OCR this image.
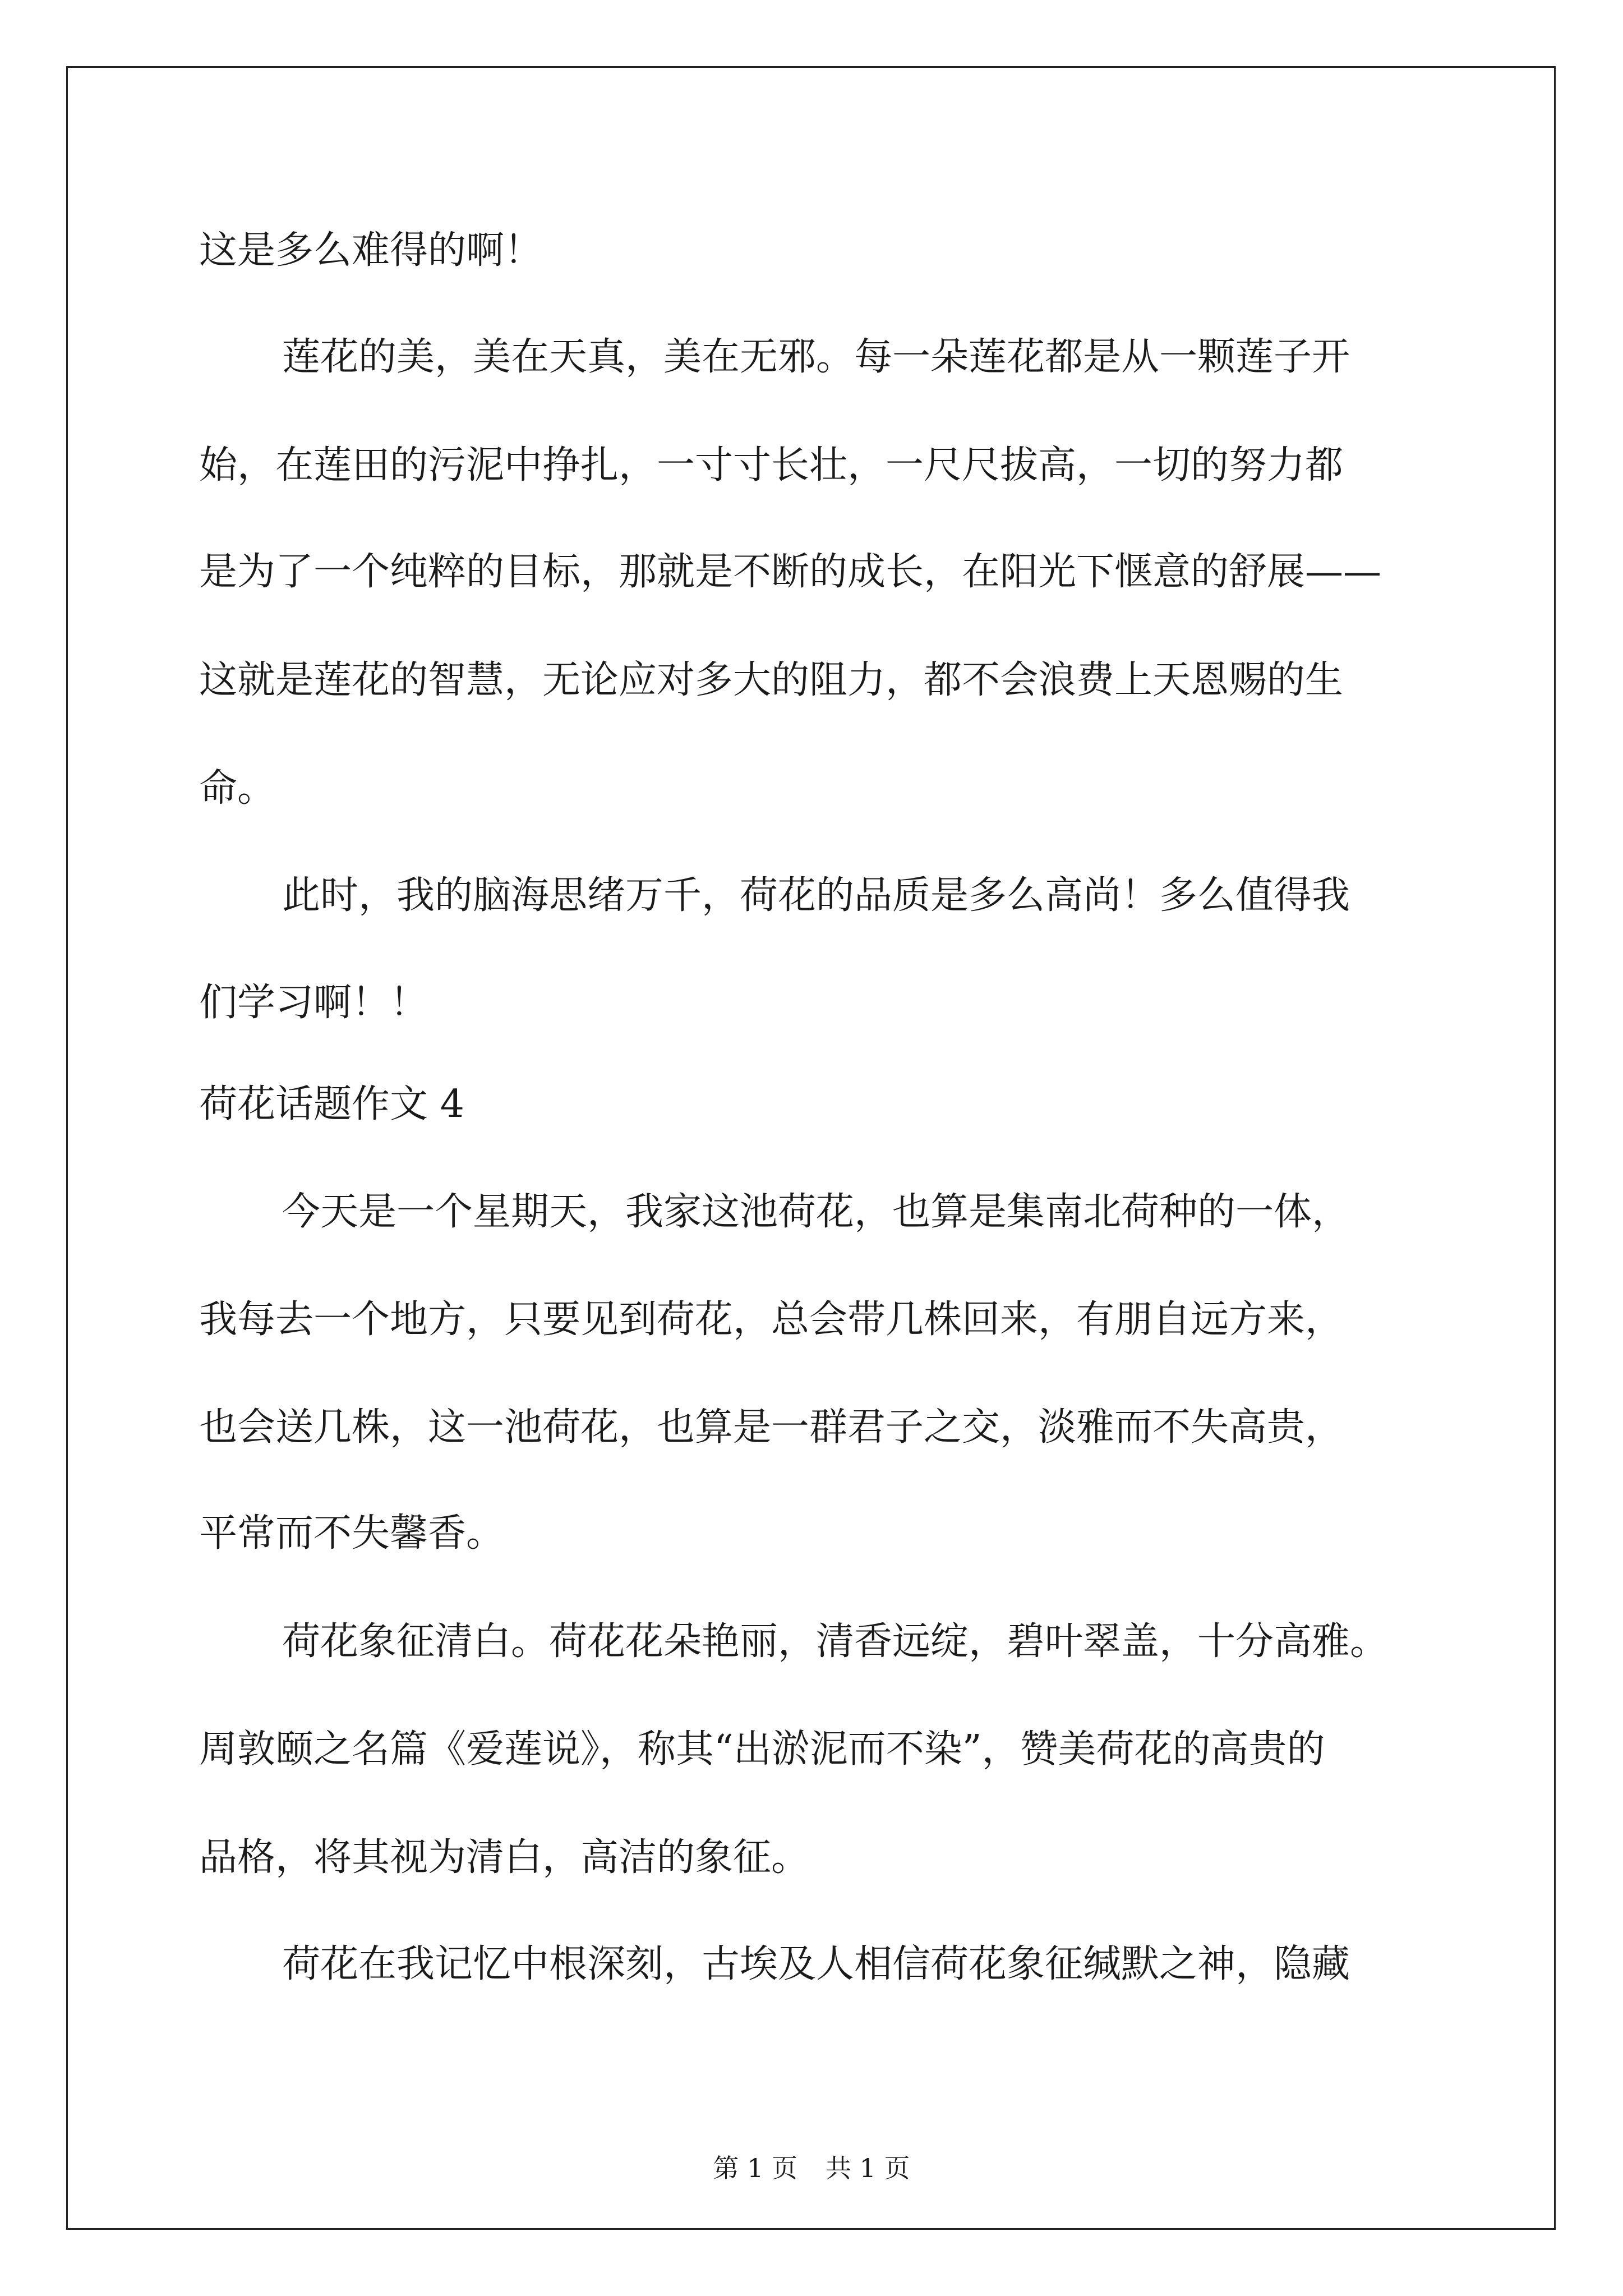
这是多么难得的啊！
莲花的美，美在天真，美在无邪。每一朵莲花都是从一颗莲子开
始，在莲田的污泥中挣扎，一寸寸长壮，一尺尺拔高，一切的努力都
是为了一个纯粹的目标，那就是不断的成长，在阳光下惬意的舒展——
这就是莲花的智慧，无论应对多大的阻力，都不会浪费上天恩赐的生
命。
此时，我的脑海思绪万千，荷花的品质是多么高尚！多么值得我
们学习啊！！
荷花话题作文 4
今天是一个星期天，我家这池荷花，也算是集南北荷种的一体，
我每去一个地方，只要见到荷花，总会带几株回来，有朋自远方来，
也会送几株，这一池荷花，也算是一群君子之交，淡雅而不失高贵，
平常而不失馨香。
荷花象征清白。荷花花朵艳丽，清香远绽，碧叶翠盖，十分高雅。
周敦颐之名篇《爱莲说》，称其“出淤泥而不染”，赞美荷花的高贵的
品格，将其视为清白，高洁的象征。
荷花在我记忆中根深刻，古埃及人相信荷花象征缄默之神，隐藏
第 1 页 共 1 页
